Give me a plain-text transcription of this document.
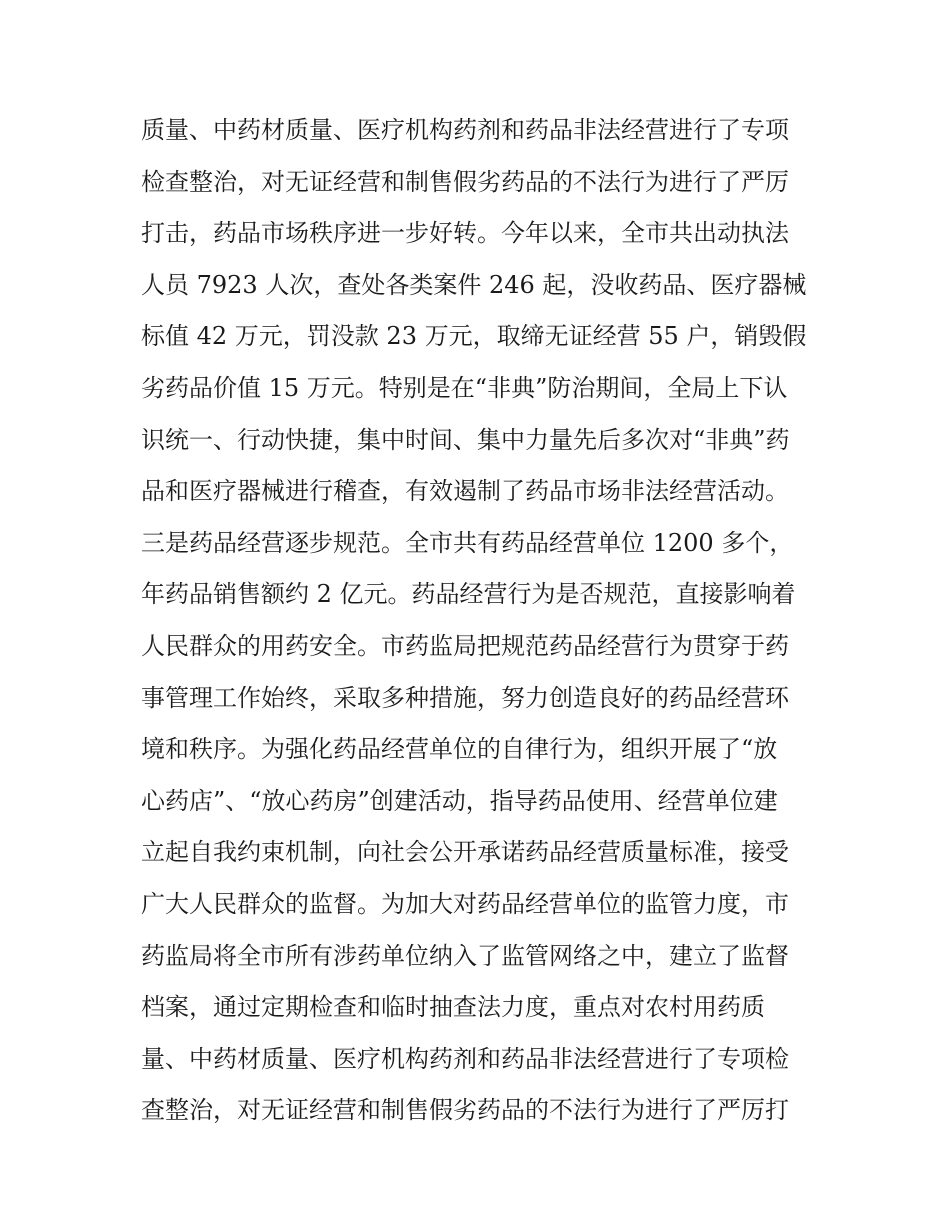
质量、中药材质量、医疗机构药剂和药品非法经营进行了专项
检查整治，对无证经营和制售假劣药品的不法行为进行了严厉
打击，药品市场秩序进一步好转。今年以来，全市共出动执法
人员 7923 人次，查处各类案件 246 起，没收药品、医疗器械
标值 42 万元，罚没款 23 万元，取缔无证经营 55 户，销毁假
劣药品价值 15 万元。特别是在“非典”防治期间，全局上下认
识统一、行动快捷，集中时间、集中力量先后多次对“非典”药
品和医疗器械进行稽查，有效遏制了药品市场非法经营活动。
三是药品经营逐步规范。全市共有药品经营单位 1200 多个，
年药品销售额约 2 亿元。药品经营行为是否规范，直接影响着
人民群众的用药安全。市药监局把规范药品经营行为贯穿于药
事管理工作始终，采取多种措施，努力创造良好的药品经营环
境和秩序。为强化药品经营单位的自律行为，组织开展了“放
心药店”、“放心药房”创建活动，指导药品使用、经营单位建
立起自我约束机制，向社会公开承诺药品经营质量标准，接受
广大人民群众的监督。为加大对药品经营单位的监管力度，市
药监局将全市所有涉药单位纳入了监管网络之中，建立了监督
档案，通过定期检查和临时抽查法力度，重点对农村用药质
量、中药材质量、医疗机构药剂和药品非法经营进行了专项检
查整治，对无证经营和制售假劣药品的不法行为进行了严厉打
